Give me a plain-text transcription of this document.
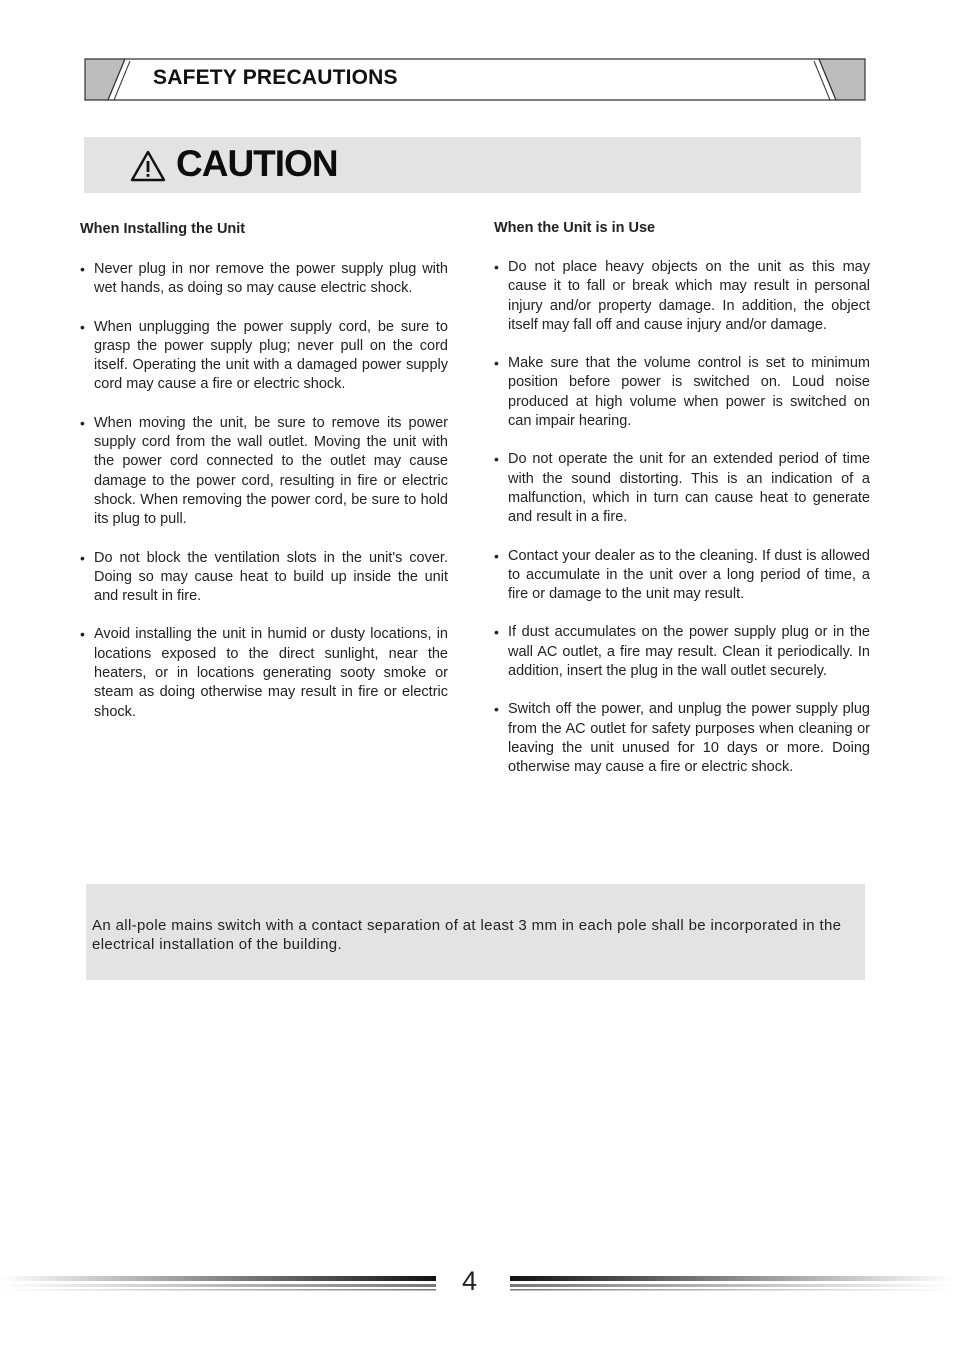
SAFETY PRECAUTIONS
CAUTION
When Installing the Unit
• Never plug in nor remove the power supply plug with wet hands, as doing so may cause electric shock.
• When unplugging the power supply cord, be sure to grasp the power supply plug; never pull on the cord itself. Operating the unit with a damaged power supply cord may cause a fire or electric shock.
• When moving the unit, be sure to remove its power supply cord from the wall outlet. Moving the unit with the power cord connected to the outlet may cause damage to the power cord, resulting in fire or electric shock. When removing the power cord, be sure to hold its plug to pull.
• Do not block the ventilation slots in the unit's cover. Doing so may cause heat to build up inside the unit and result in fire.
• Avoid installing the unit in humid or dusty locations, in locations exposed to the direct sunlight, near the heaters, or in locations generating sooty smoke or steam as doing otherwise may result in fire or electric shock.
When the Unit is in Use
• Do not place heavy objects on the unit as this may cause it to fall or break which may result in personal injury and/or property damage. In addition, the object itself may fall off and cause injury and/or damage.
• Make sure that the volume control is set to minimum position before power is switched on. Loud noise produced at high volume when power is switched on can impair hearing.
• Do not operate the unit for an extended period of time with the sound distorting. This is an indication of a malfunction, which in turn can cause heat to generate and result in a fire.
• Contact your dealer as to the cleaning. If dust is allowed to accumulate in the unit over a long period of time, a fire or damage to the unit may result.
• If dust accumulates on the power supply plug or in the wall AC outlet, a fire may result. Clean it periodically. In addition, insert the plug in the wall outlet securely.
• Switch off the power, and unplug the power supply plug from the AC outlet for safety purposes when cleaning or leaving the unit unused for 10 days or more. Doing otherwise may cause a fire or electric shock.
An all-pole mains switch with a contact separation of at least 3 mm in each pole shall be incorporated in the electrical installation of the building.
4
